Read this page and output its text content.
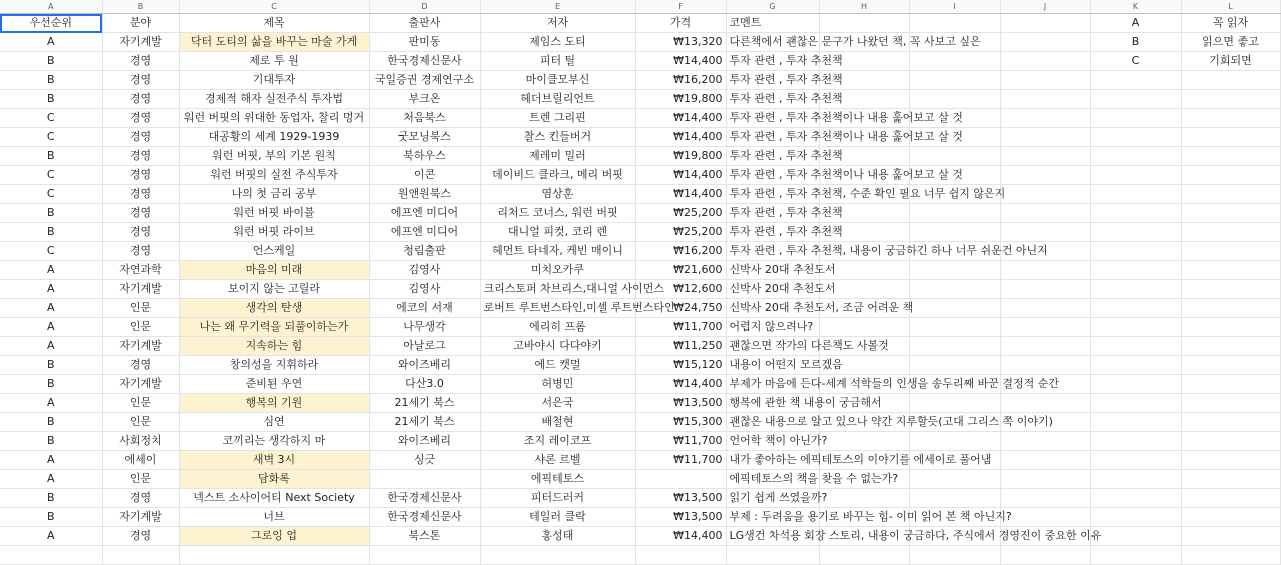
A	B	C	D	E	F	G	H	I	J	K	L
우선순위	분야	제목	출판사	저자	가격	코멘트				A	꼭 읽자
A	자기계발	닥터 도티의 삶을 바꾸는 마술 가게	판미동	제임스 도티	₩13,320	다른책에서 괜찮은 문구가 나왔던 책, 꼭 사보고 싶은				B	읽으면 좋고
B	경영	제로 투 원	한국경제신문사	피터 틸	₩14,400	투자 관련 , 투자 추천책				C	기회되면
B	경영	기대투자	국일증권 경제연구소	마이클모부신	₩16,200	투자 관련 , 투자 추천책					
B	경영	경제적 해자 실전주식 투자법	부크온	헤더브릴리언트	₩19,800	투자 관련 , 투자 추천책					
C	경영	워런 버핏의 위대한 동업자, 찰리 멍거	처음북스	트렌 그리핀	₩14,400	투자 관련 , 투자 추천책이나 내용 훑어보고 살 것					
C	경영	대공황의 세계 1929-1939	굿모닝북스	찰스 킨들버거	₩14,400	투자 관련 , 투자 추천책이나 내용 훑어보고 살 것					
B	경영	워런 버핏, 부의 기본 원칙	북하우스	제레미 밀러	₩19,800	투자 관련 , 투자 추천책					
C	경영	워런 버핏의 실전 주식투자	이콘	데이비드 클라크, 메리 버핏	₩14,400	투자 관련 , 투자 추천책이나 내용 훑어보고 살 것					
C	경영	나의 첫 금리 공부	원앤원북스	염상훈	₩14,400	투자 관련 , 투자 추천책, 수준 확인 필요 너무 쉽지 않은지					
B	경영	워런 버핏 바이블	에프엔 미디어	리처드 코너스, 워런 버핏	₩25,200	투자 관련 , 투자 추천책					
B	경영	워런 버핏 라이브	에프엔 미디어	대니얼 피컷, 코리 렌	₩25,200	투자 관련 , 투자 추천책					
C	경영	언스케일	청림출판	헤먼트 타네자, 케빈 매이니	₩16,200	투자 관련 , 투자 추천책, 내용이 궁금하긴 하나 너무 쉬운건 아닌지					
A	자연과학	마음의 미래	김영사	미치오카쿠	₩21,600	신박사 20대 추천도서					
A	자기계발	보이지 않는 고릴라	김영사	크리스토퍼 차브리스,대니얼 사이먼스	₩12,600	신박사 20대 추천도서					
A	인문	생각의 탄생	에코의 서재	로버트 루트번스타인,미셸 루트번스타인	₩24,750	신박사 20대 추천도서, 조금 어려운 책					
A	인문	나는 왜 무기력을 되풀이하는가	나무생각	에리히 프롬	₩11,700	어렵지 않으려나?					
A	자기계발	지속하는 힘	아날로그	고바야시 다다야키	₩11,250	괜찮으면 작가의 다른책도 사볼것					
B	경영	창의성을 지휘하라	와이즈베리	에드 캣멀	₩15,120	내용이 어떤지 모르겠음					
B	자기계발	준비된 우연	다산3.0	허병민	₩14,400	부제가 마음에 든다-세계 석학들의 인생을 송두리째 바꾼 결정적 순간					
A	인문	행복의 기원	21세기 북스	서은국	₩13,500	행복에 관한 책 내용이 궁금해서					
B	인문	심연	21세기 북스	배철현	₩15,300	괜찮은 내용으로 알고 있으나 약간 지루할듯(고대 그리스 쪽 이야기)					
B	사회정치	코끼리는 생각하지 마	와이즈베리	조지 레이코프	₩11,700	언어학 책이 아닌가?					
A	에세이	새벽 3시	싱긋	샤론 르벨	₩11,700	내가 좋아하는 에픽테토스의 이야기를 에세이로 풀어냄					
A	인문	담화록		에픽테토스		에픽테토스의 책을 찾을 수 없는가?					
B	경영	넥스트 소사이어티 Next Society	한국경제신문사	피터드러커	₩13,500	읽기 쉽게 쓰였을까?					
B	자기계발	너브	한국경제신문사	테일러 클락	₩13,500	부제 : 두려움을 용기로 바꾸는 힘- 이미 읽어 본 책 아닌지?					
A	경영	그로잉 업	북스톤	홍성태	₩14,400	LG생건 차석용 회장 스토리, 내용이 궁금하다, 주식에서 경영진이 중요한 이유					
